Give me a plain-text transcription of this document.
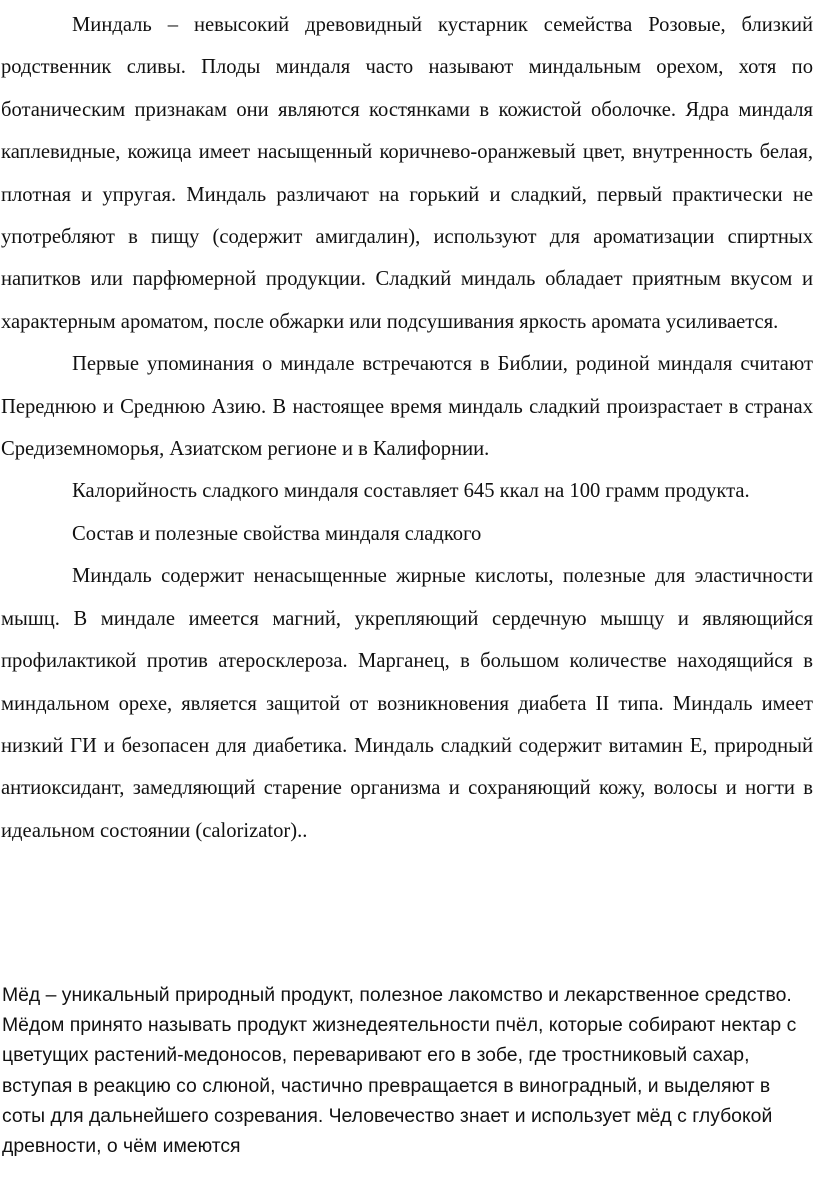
Миндаль – невысокий древовидный кустарник семейства Розовые, близкий родственник сливы. Плоды миндаля часто называют миндальным орехом, хотя по ботаническим признакам они являются костянками в кожистой оболочке. Ядра миндаля каплевидные, кожица имеет насыщенный коричнево-оранжевый цвет, внутренность белая, плотная и упругая. Миндаль различают на горький и сладкий, первый практически не употребляют в пищу (содержит амигдалин), используют для ароматизации спиртных напитков или парфюмерной продукции. Сладкий миндаль обладает приятным вкусом и характерным ароматом, после обжарки или подсушивания яркость аромата усиливается.

Первые упоминания о миндале встречаются в Библии, родиной миндаля считают Переднюю и Среднюю Азию. В настоящее время миндаль сладкий произрастает в странах Средиземноморья, Азиатском регионе и в Калифорнии.

Калорийность сладкого миндаля составляет 645 ккал на 100 грамм продукта.

Состав и полезные свойства миндаля сладкого

Миндаль содержит ненасыщенные жирные кислоты, полезные для эластичности мышц. В миндале имеется магний, укрепляющий сердечную мышцу и являющийся профилактикой против атеросклероза. Марганец, в большом количестве находящийся в миндальном орехе, является защитой от возникновения диабета II типа. Миндаль имеет низкий ГИ и безопасен для диабетика. Миндаль сладкий содержит витамин Е, природный антиоксидант, замедляющий старение организма и сохраняющий кожу, волосы и ногти в идеальном состоянии (calorizator)..

Мёд – уникальный природный продукт, полезное лакомство и лекарственное средство. Мёдом принято называть продукт жизнедеятельности пчёл, которые собирают нектар с цветущих растений-медоносов, переваривают его в зобе, где тростниковый сахар, вступая в реакцию со слюной, частично превращается в виноградный, и выделяют в соты для дальнейшего созревания. Человечество знает и использует мёд с глубокой древности, о чём имеются
